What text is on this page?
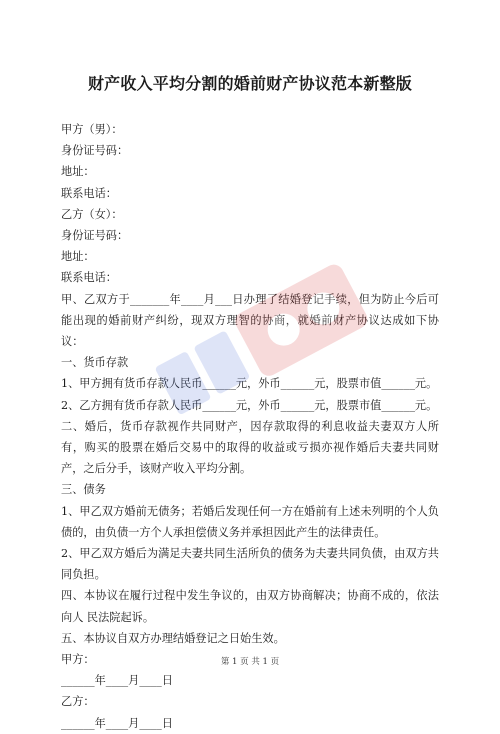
财产收入平均分割的婚前财产协议范本新整版

甲方（男）：

身份证号码：

地址：

联系电话：

乙方（女）：

身份证号码：

地址：

联系电话：

甲、乙双方于_______年____月___日办理了结婚登记手续，但为防止今后可能出现的婚前财产纠纷，现双方理智的协商，就婚前财产协议达成如下协议：

一、货币存款

1、甲方拥有货币存款人民币______元，外币______元，股票市值______元。

2、乙方拥有货币存款人民币______元，外币______元，股票市值______元。

二、婚后，货币存款视作共同财产，因存款取得的利息收益夫妻双方人所有，购买的股票在婚后交易中的取得的收益或亏损亦视作婚后夫妻共同财产，之后分手，该财产收入平均分割。

三、债务

1、甲乙双方婚前无债务；若婚后发现任何一方在婚前有上述未列明的个人负债的，由负债一方个人承担偿债义务并承担因此产生的法律责任。

2、甲乙双方婚后为满足夫妻共同生活所负的债务为夫妻共同负债，由双方共同负担。

四、本协议在履行过程中发生争议的，由双方协商解决；协商不成的，依法向人 民法院起诉。

五、本协议自双方办理结婚登记之日始生效。

甲方：

______年____月____日

乙方：

______年____月____日

第 1 页 共 1 页
